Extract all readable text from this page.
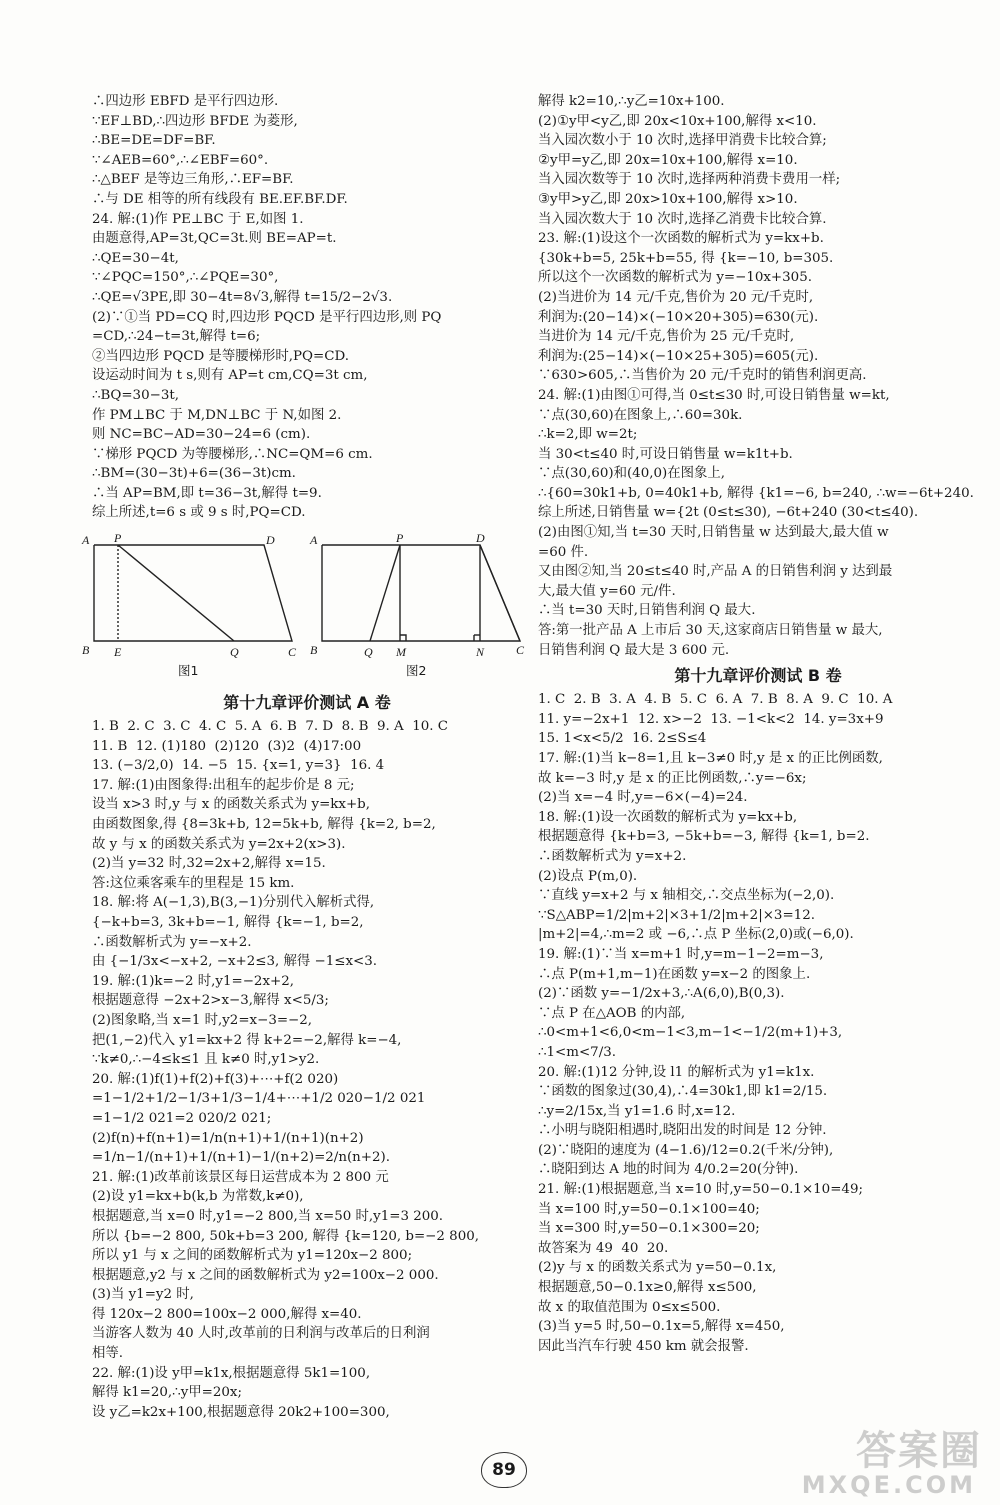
∴四边形 EBFD 是平行四边形.
∵EF⊥BD,∴四边形 BFDE 为菱形,
∴BE=DE=DF=BF.
∵∠AEB=60°,∴∠EBF=60°.
∴△BEF 是等边三角形,∴EF=BF.
∴与 DE 相等的所有线段有 BE.EF.BF.DF.
24. 解:(1)作 PE⊥BC 于 E,如图 1.
由题意得,AP=3t,QC=3t.则 BE=AP=t.
∴QE=30−4t,
∵∠PQC=150°,∴∠PQE=30°,
∴QE=√3PE,即 30−4t=8√3,解得 t=15/2−2√3.
(2)∵①当 PD=CQ 时,四边形 PQCD 是平行四边形,则 PQ
=CD,∴24−t=3t,解得 t=6;
②当四边形 PQCD 是等腰梯形时,PQ=CD.
设运动时间为 t s,则有 AP=t cm,CQ=3t cm,
∴BQ=30−3t,
作 PM⊥BC 于 M,DN⊥BC 于 N,如图 2.
则 NC=BC−AD=30−24=6 (cm).
∵梯形 PQCD 为等腰梯形,∴NC=QM=6 cm.
∴BM=(30−3t)+6=(36−3t)cm.
∴当 AP=BM,即 t=36−3t,解得 t=9.
综上所述,t=6 s 或 9 s 时,PQ=CD.
A P	D
B E	Q	C
A	P	D
B	Q M	N	C
图1	图2
第十九章评价测试 A 卷
1. B  2. C  3. C  4. C  5. A  6. B  7. D  8. B  9. A  10. C
11. B  12. (1)180  (2)120  (3)2  (4)17:00
13. (−3/2,0)  14. −5  15. {x=1, y=3}  16. 4
17. 解:(1)由图象得:出租车的起步价是 8 元;
设当 x>3 时,y 与 x 的函数关系式为 y=kx+b,
由函数图象,得 {8=3k+b, 12=5k+b, 解得 {k=2, b=2,
故 y 与 x 的函数关系式为 y=2x+2(x>3).
(2)当 y=32 时,32=2x+2,解得 x=15.
答:这位乘客乘车的里程是 15 km.
18. 解:将 A(−1,3),B(3,−1)分别代入解析式得,
{−k+b=3, 3k+b=−1, 解得 {k=−1, b=2,
∴函数解析式为 y=−x+2.
由 {−1/3x<−x+2, −x+2≤3, 解得 −1≤x<3.
19. 解:(1)k=−2 时,y1=−2x+2,
根据题意得 −2x+2>x−3,解得 x<5/3;
(2)图象略,当 x=1 时,y2=x−3=−2,
把(1,−2)代入 y1=kx+2 得 k+2=−2,解得 k=−4,
∵k≠0,∴−4≤k≤1 且 k≠0 时,y1>y2.
20. 解:(1)f(1)+f(2)+f(3)+⋯+f(2 020)
=1−1/2+1/2−1/3+1/3−1/4+⋯+1/2 020−1/2 021
=1−1/2 021=2 020/2 021;
(2)f(n)+f(n+1)=1/n(n+1)+1/(n+1)(n+2)
=1/n−1/(n+1)+1/(n+1)−1/(n+2)=2/n(n+2).
21. 解:(1)改革前该景区每日运营成本为 2 800 元
(2)设 y1=kx+b(k,b 为常数,k≠0),
根据题意,当 x=0 时,y1=−2 800,当 x=50 时,y1=3 200.
所以 {b=−2 800, 50k+b=3 200, 解得 {k=120, b=−2 800,
所以 y1 与 x 之间的函数解析式为 y1=120x−2 800;
根据题意,y2 与 x 之间的函数解析式为 y2=100x−2 000.
(3)当 y1=y2 时,
得 120x−2 800=100x−2 000,解得 x=40.
当游客人数为 40 人时,改革前的日利润与改革后的日利润
相等.
22. 解:(1)设 y甲=k1x,根据题意得 5k1=100,
解得 k1=20,∴y甲=20x;
设 y乙=k2x+100,根据题意得 20k2+100=300,
解得 k2=10,∴y乙=10x+100.
(2)①y甲<y乙,即 20x<10x+100,解得 x<10.
当入园次数小于 10 次时,选择甲消费卡比较合算;
②y甲=y乙,即 20x=10x+100,解得 x=10.
当入园次数等于 10 次时,选择两种消费卡费用一样;
③y甲>y乙,即 20x>10x+100,解得 x>10.
当入园次数大于 10 次时,选择乙消费卡比较合算.
23. 解:(1)设这个一次函数的解析式为 y=kx+b.
{30k+b=5, 25k+b=55, 得 {k=−10, b=305.
所以这个一次函数的解析式为 y=−10x+305.
(2)当进价为 14 元/千克,售价为 20 元/千克时,
利润为:(20−14)×(−10×20+305)=630(元).
当进价为 14 元/千克,售价为 25 元/千克时,
利润为:(25−14)×(−10×25+305)=605(元).
∵630>605,∴当售价为 20 元/千克时的销售利润更高.
24. 解:(1)由图①可得,当 0≤t≤30 时,可设日销售量 w=kt,
∵点(30,60)在图象上,∴60=30k.
∴k=2,即 w=2t;
当 30<t≤40 时,可设日销售量 w=k1t+b.
∵点(30,60)和(40,0)在图象上,
∴{60=30k1+b, 0=40k1+b, 解得 {k1=−6, b=240, ∴w=−6t+240.
综上所述,日销售量 w={2t (0≤t≤30), −6t+240 (30<t≤40).
(2)由图①知,当 t=30 天时,日销售量 w 达到最大,最大值 w
=60 件.
又由图②知,当 20≤t≤40 时,产品 A 的日销售利润 y 达到最
大,最大值 y=60 元/件.
∴当 t=30 天时,日销售利润 Q 最大.
答:第一批产品 A 上市后 30 天,这家商店日销售量 w 最大,
日销售利润 Q 最大是 3 600 元.
第十九章评价测试 B 卷
1. C  2. B  3. A  4. B  5. C  6. A  7. B  8. A  9. C  10. A
11. y=−2x+1  12. x>−2  13. −1<k<2  14. y=3x+9
15. 1<x<5/2  16. 2≤S≤4
17. 解:(1)当 k−8=1,且 k−3≠0 时,y 是 x 的正比例函数,
故 k=−3 时,y 是 x 的正比例函数,∴y=−6x;
(2)当 x=−4 时,y=−6×(−4)=24.
18. 解:(1)设一次函数的解析式为 y=kx+b,
根据题意得 {k+b=3, −5k+b=−3, 解得 {k=1, b=2.
∴函数解析式为 y=x+2.
(2)设点 P(m,0).
∵直线 y=x+2 与 x 轴相交,∴交点坐标为(−2,0).
∵S△ABP=1/2|m+2|×3+1/2|m+2|×3=12.
|m+2|=4,∴m=2 或 −6,∴点 P 坐标(2,0)或(−6,0).
19. 解:(1)∵当 x=m+1 时,y=m−1−2=m−3,
∴点 P(m+1,m−1)在函数 y=x−2 的图象上.
(2)∵函数 y=−1/2x+3,∴A(6,0),B(0,3).
∵点 P 在△AOB 的内部,
∴0<m+1<6,0<m−1<3,m−1<−1/2(m+1)+3,
∴1<m<7/3.
20. 解:(1)12 分钟,设 l1 的解析式为 y1=k1x.
∵函数的图象过(30,4),∴4=30k1,即 k1=2/15.
∴y=2/15x,当 y1=1.6 时,x=12.
∴小明与晓阳相遇时,晓阳出发的时间是 12 分钟.
(2)∵晓阳的速度为 (4−1.6)/12=0.2(千米/分钟),
∴晓阳到达 A 地的时间为 4/0.2=20(分钟).
21. 解:(1)根据题意,当 x=10 时,y=50−0.1×10=49;
当 x=100 时,y=50−0.1×100=40;
当 x=300 时,y=50−0.1×300=20;
故答案为 49  40  20.
(2)y 与 x 的函数关系式为 y=50−0.1x,
根据题意,50−0.1x≥0,解得 x≤500,
故 x 的取值范围为 0≤x≤500.
(3)当 y=5 时,50−0.1x=5,解得 x=450,
因此当汽车行驶 450 km 就会报警.
89	答案圈
MXQE.COM
